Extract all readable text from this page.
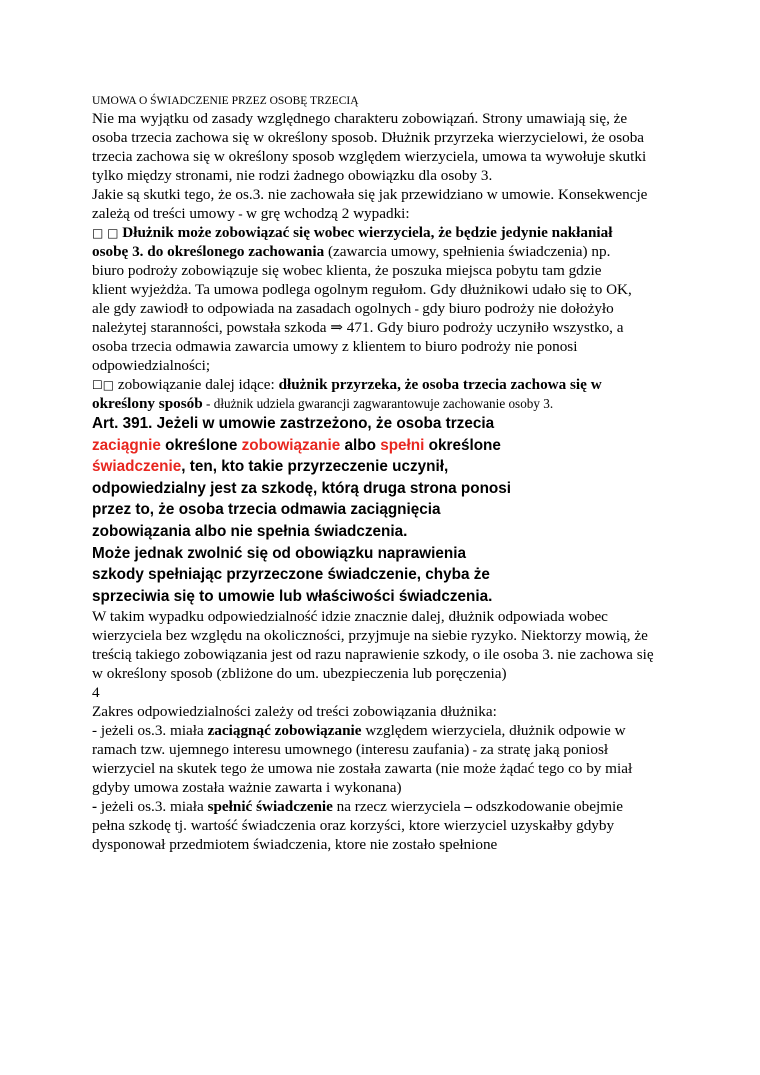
UMOWA O ŚWIADCZENIE PRZEZ OSOBĘ TRZECIĄ
Nie ma wyjątku od zasady względnego charakteru zobowiązań. Strony umawiają się, że
osoba trzecia zachowa się w określony sposob. Dłużnik przyrzeka wierzycielowi, że osoba
trzecia zachowa się w określony sposob względem wierzyciela, umowa ta wywołuje skutki
tylko między stronami, nie rodzi żadnego obowiązku dla osoby 3.
Jakie są skutki tego, że os.3. nie zachowała się jak przewidziano w umowie. Konsekwencje
zależą od treści umowy - w grę wchodzą 2 wypadki:
□ □ Dłużnik może zobowiązać się wobec wierzyciela, że będzie jedynie nakłaniał
osobę 3. do określonego zachowania (zawarcia umowy, spełnienia świadczenia) np.
biuro podroży zobowiązuje się wobec klienta, że poszuka miejsca pobytu tam gdzie
klient wyjeżdża. Ta umowa podlega ogolnym regułom. Gdy dłużnikowi udało się to OK,
ale gdy zawiodł to odpowiada na zasadach ogolnych - gdy biuro podroży nie dołożyło
należytej staranności, powstała szkoda ⇒ 471. Gdy biuro podroży uczyniło wszystko, a
osoba trzecia odmawia zawarcia umowy z klientem to biuro podroży nie ponosi
odpowiedzialności;
☐□ zobowiązanie dalej idące: dłużnik przyrzeka, że osoba trzecia zachowa się w
określony sposób - dłużnik udziela gwarancji zagwarantowuje zachowanie osoby 3.
Art. 391. Jeżeli w umowie zastrzeżono, że osoba trzecia
zaciągnie określone zobowiązanie albo spełni określone
świadczenie, ten, kto takie przyrzeczenie uczynił,
odpowiedzialny jest za szkodę, którą druga strona ponosi
przez to, że osoba trzecia odmawia zaciągnięcia
zobowiązania albo nie spełnia świadczenia.
Może jednak zwolnić się od obowiązku naprawienia
szkody spełniając przyrzeczone świadczenie, chyba że
sprzeciwia się to umowie lub właściwości świadczenia.
W takim wypadku odpowiedzialność idzie znacznie dalej, dłużnik odpowiada wobec
wierzyciela bez względu na okoliczności, przyjmuje na siebie ryzyko. Niektorzy mowią, że
treścią takiego zobowiązania jest od razu naprawienie szkody, o ile osoba 3. nie zachowa się
w określony sposob (zbliżone do um. ubezpieczenia lub poręczenia)
4
Zakres odpowiedzialności zależy od treści zobowiązania dłużnika:
- jeżeli os.3. miała zaciągnąć zobowiązanie względem wierzyciela, dłużnik odpowie w
ramach tzw. ujemnego interesu umownego (interesu zaufania) - za stratę jaką poniosł
wierzyciel na skutek tego że umowa nie została zawarta (nie może żądać tego co by miał
gdyby umowa została ważnie zawarta i wykonana)
- jeżeli os.3. miała spełnić świadczenie na rzecz wierzyciela – odszkodowanie obejmie
pełna szkodę tj. wartość świadczenia oraz korzyści, ktore wierzyciel uzyskałby gdyby
dysponował przedmiotem świadczenia, ktore nie zostało spełnione
